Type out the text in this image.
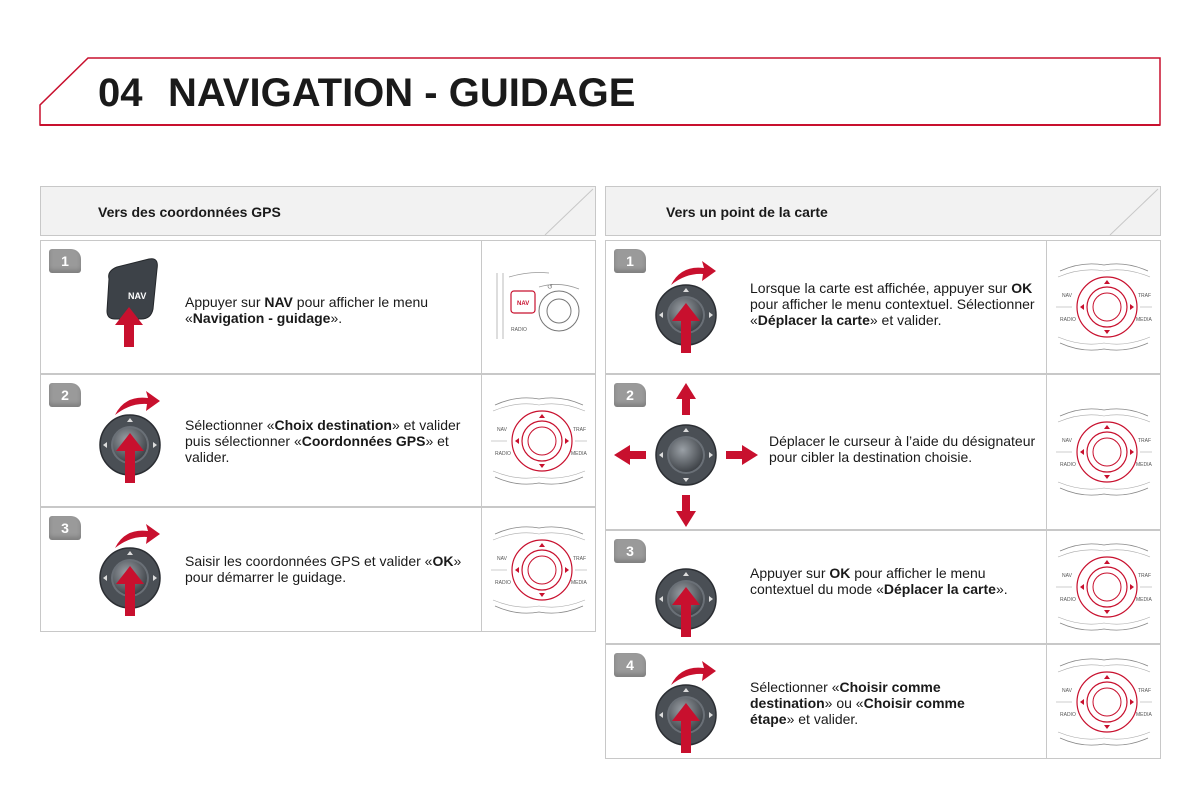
04 NAVIGATION - GUIDAGE
Vers des coordonnées GPS	Vers un point de la carte
1
NAV	Appuyer sur NAV pour afficher le menu «Navigation - guidage».
NAV
RADIO
↺
2
Sélectionner «Choix destination» et valider puis sélectionner «Coordonnées GPS» et valider.
NAV	TRAF
RADIO	MEDIA
3
Saisir les coordonnées GPS et valider «OK» pour démarrer le guidage.
NAV	TRAF
RADIO	MEDIA
1
Lorsque la carte est affichée, appuyer sur OK pour afficher le menu contextuel. Sélectionner «Déplacer la carte» et valider.
NAV	TRAF
RADIO	MEDIA
2
Déplacer le curseur à l’aide du désignateur pour cibler la destination choisie.
NAV	TRAF
RADIO	MEDIA
3
Appuyer sur OK pour afficher le menu contextuel du mode «Déplacer la carte».
NAV	TRAF
RADIO	MEDIA
4
Sélectionner «Choisir comme destination» ou «Choisir comme étape» et valider.
NAV	TRAF
RADIO	MEDIA
